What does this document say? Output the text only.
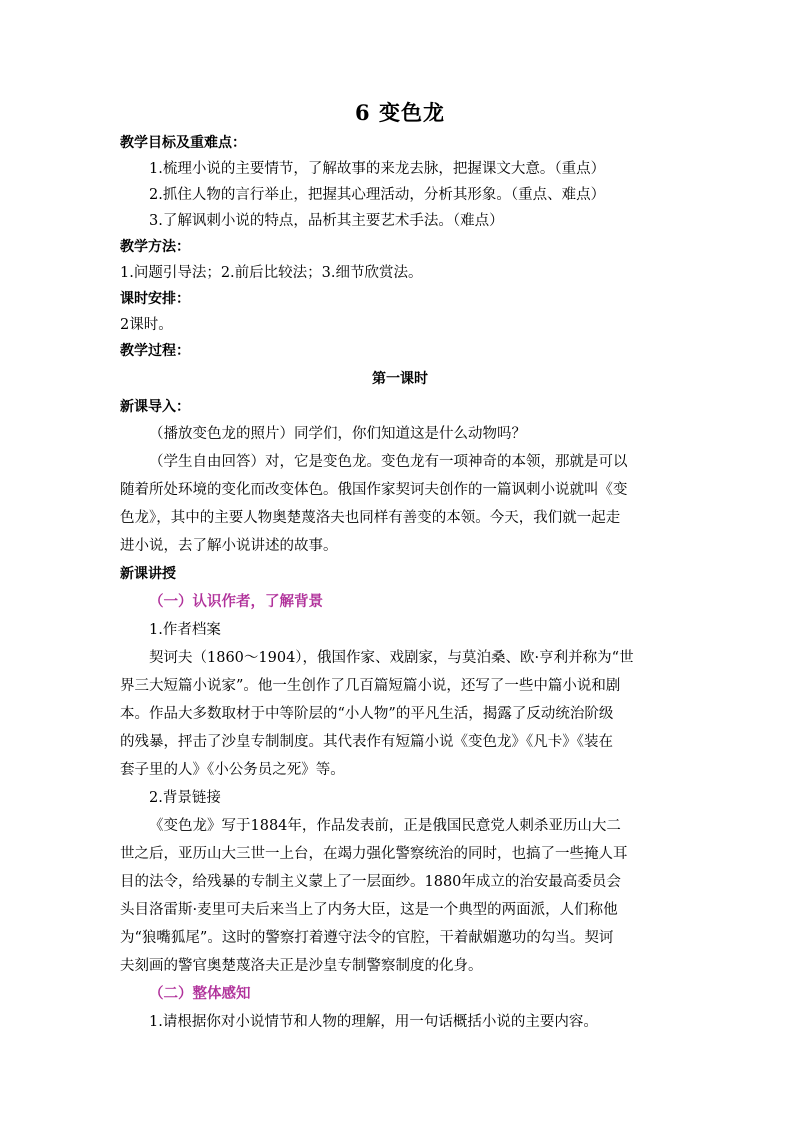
6 变色龙

教学目标及重难点：

1.梳理小说的主要情节，了解故事的来龙去脉，把握课文大意。（重点）

2.抓住人物的言行举止，把握其心理活动，分析其形象。（重点、难点）

3.了解讽刺小说的特点，品析其主要艺术手法。（难点）

教学方法：

1.问题引导法；2.前后比较法；3.细节欣赏法。

课时安排：

2课时。

教学过程：

第一课时

新课导入：

（播放变色龙的照片）同学们，你们知道这是什么动物吗？

（学生自由回答）对，它是变色龙。变色龙有一项神奇的本领，那就是可以
随着所处环境的变化而改变体色。俄国作家契诃夫创作的一篇讽刺小说就叫《变
色龙》，其中的主要人物奥楚蔑洛夫也同样有善变的本领。今天，我们就一起走
进小说，去了解小说讲述的故事。

新课讲授

（一）认识作者，了解背景

1.作者档案

契诃夫（1860～1904），俄国作家、戏剧家，与莫泊桑、欧·亨利并称为“世
界三大短篇小说家”。他一生创作了几百篇短篇小说，还写了一些中篇小说和剧
本。作品大多数取材于中等阶层的“小人物”的平凡生活，揭露了反动统治阶级
的残暴，抨击了沙皇专制制度。其代表作有短篇小说《变色龙》《凡卡》《装在
套子里的人》《小公务员之死》等。

2.背景链接

《变色龙》写于1884年，作品发表前，正是俄国民意党人刺杀亚历山大二
世之后，亚历山大三世一上台，在竭力强化警察统治的同时，也搞了一些掩人耳
目的法令，给残暴的专制主义蒙上了一层面纱。1880年成立的治安最高委员会
头目洛雷斯·麦里可夫后来当上了内务大臣，这是一个典型的两面派，人们称他
为“狼嘴狐尾”。这时的警察打着遵守法令的官腔，干着献媚邀功的勾当。契诃
夫刻画的警官奥楚蔑洛夫正是沙皇专制警察制度的化身。

（二）整体感知

1.请根据你对小说情节和人物的理解，用一句话概括小说的主要内容。
